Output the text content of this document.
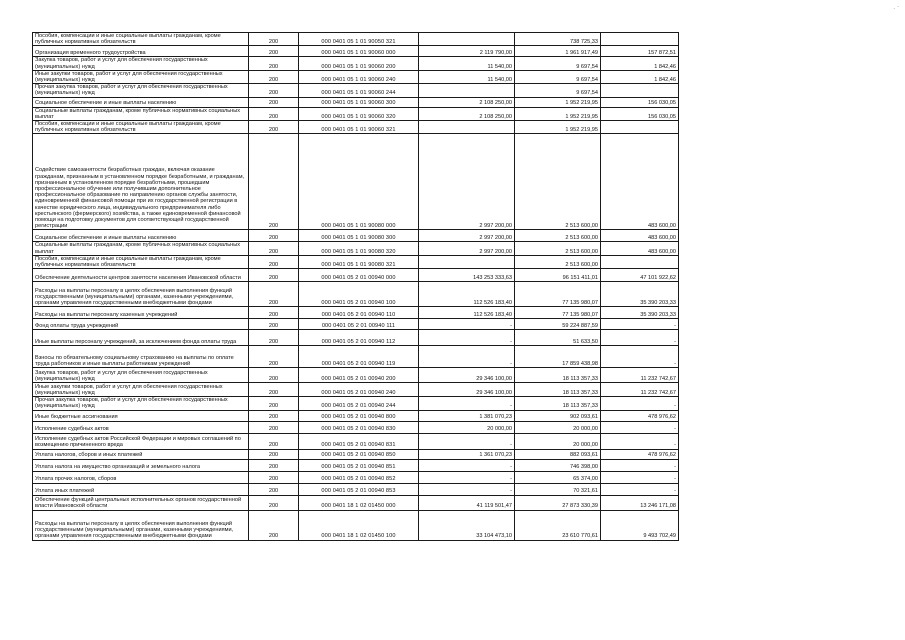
. ·
Пособия, компенсации и иные социальные выплаты гражданам, кроме публичных нормативных обязательств	200	000 0401 05 1 01 90050 321		738 725,33	

Организация временного трудоустройства	200	000 0401 05 1 01 90060 000	2 119 790,00	1 961 917,49	157 872,51

Закупка товаров, работ и услуг для обеспечения государственных (муниципальных) нужд	200	000 0401 05 1 01 90060 200	11 540,00	9 697,54	1 842,46

Иные закупки товаров, работ и услуг для обеспечения государственных (муниципальных) нужд	200	000 0401 05 1 01 90060 240	11 540,00	9 697,54	1 842,46

Прочая закупка товаров, работ и услуг для обеспечения государственных (муниципальных) нужд	200	000 0401 05 1 01 90060 244		9 697,54	

Социальное обеспечение и иные выплаты населению	200	000 0401 05 1 01 90060 300	2 108 250,00	1 952 219,95	156 030,05

Социальные выплаты гражданам, кроме публичных нормативных социальных выплат	200	000 0401 05 1 01 90060 320	2 108 250,00	1 952 219,95	156 030,05

Пособия, компенсации и иные социальные выплаты гражданам, кроме публичных нормативных обязательств	200	000 0401 05 1 01 90060 321		1 952 219,95	

Содействие самозанятости безработных граждан, включая оказание гражданам, признанным в установленном порядке безработными, и гражданам, признанным в установленном порядке безработными, прошедшим профессиональное обучение или получившим дополнительное профессиональное образование по направлению органов службы занятости, единовременной финансовой помощи при их государственной регистрации в качестве юридического лица, индивидуального предпринимателя либо крестьянского (фермерского) хозяйства, а также единовременной финансовой помощи на подготовку документов для соответствующей государственной регистрации	200	000 0401 05 1 01 90080 000	2 997 200,00	2 513 600,00	483 600,00

Социальное обеспечение и иные выплаты населению	200	000 0401 05 1 01 90080 300	2 997 200,00	2 513 600,00	483 600,00

Социальные выплаты гражданам, кроме публичных нормативных социальных выплат	200	000 0401 05 1 01 90080 320	2 997 200,00	2 513 600,00	483 600,00

Пособия, компенсации и иные социальные выплаты гражданам, кроме публичных нормативных обязательств	200	000 0401 05 1 01 90080 321		2 513 600,00	

Обеспечение деятельности центров занятости населения Ивановской области	200	000 0401 05 2 01 00940 000	143 253 333,63	96 151 411,01	47 101 922,62

Расходы на выплаты персоналу в целях обеспечения выполнения функций государственными (муниципальными) органами, казенными учреждениями, органами управления государственными внебюджетными фондами	200	000 0401 05 2 01 00940 100	112 526 183,40	77 135 980,07	35 390 203,33

Расходы на выплаты персоналу казенных учреждений	200	000 0401 05 2 01 00940 110	112 526 183,40	77 135 980,07	35 390 203,33

Фонд оплаты труда учреждений	200	000 0401 05 2 01 00940 111	-	59 224 887,59	-

Иные выплаты персоналу учреждений, за исключением фонда оплаты труда	200	000 0401 05 2 01 00940 112	-	51 633,50	-

Взносы по обязательному социальному страхованию на выплаты по оплате труда работников и иные выплаты работникам учреждений	200	000 0401 05 2 01 00940 119	-	17 859 438,98	-

Закупка товаров, работ и услуг для обеспечения государственных (муниципальных) нужд	200	000 0401 05 2 01 00940 200	29 346 100,00	18 113 357,33	11 232 742,67

Иные закупки товаров, работ и услуг для обеспечения государственных (муниципальных) нужд	200	000 0401 05 2 01 00940 240	29 346 100,00	18 113 357,33	11 232 742,67

Прочая закупка товаров, работ и услуг для обеспечения государственных (муниципальных) нужд	200	000 0401 05 2 01 00940 244	-	18 113 357,33	-

Иные бюджетные ассигнования	200	000 0401 05 2 01 00940 800	1 381 070,23	902 093,61	478 976,62

Исполнение судебных актов	200	000 0401 05 2 01 00940 830	20 000,00	20 000,00	-

Исполнение судебных актов Российской Федерации и мировых соглашений по возмещению причиненного вреда	200	000 0401 05 2 01 00940 831	-	20 000,00	-

Уплата налогов, сборов и иных платежей	200	000 0401 05 2 01 00940 850	1 361 070,23	882 093,61	478 976,62

Уплата налога на имущество организаций и земельного налога	200	000 0401 05 2 01 00940 851	-	746 398,00	-

Уплата прочих налогов, сборов	200	000 0401 05 2 01 00940 852	-	65 374,00	-

Уплата иных платежей	200	000 0401 05 2 01 00940 853	-	70 321,61	-

Обеспечение функций центральных исполнительных органов государственной власти Ивановской области	200	000 0401 18 1 02 01450 000	41 119 501,47	27 873 330,39	13 246 171,08

Расходы на выплаты персоналу в целях обеспечения выполнения функций государственными (муниципальными) органами, казенными учреждениями, органами управления государственными внебюджетными фондами	200	000 0401 18 1 02 01450 100	33 104 473,10	23 610 770,61	9 493 702,49
